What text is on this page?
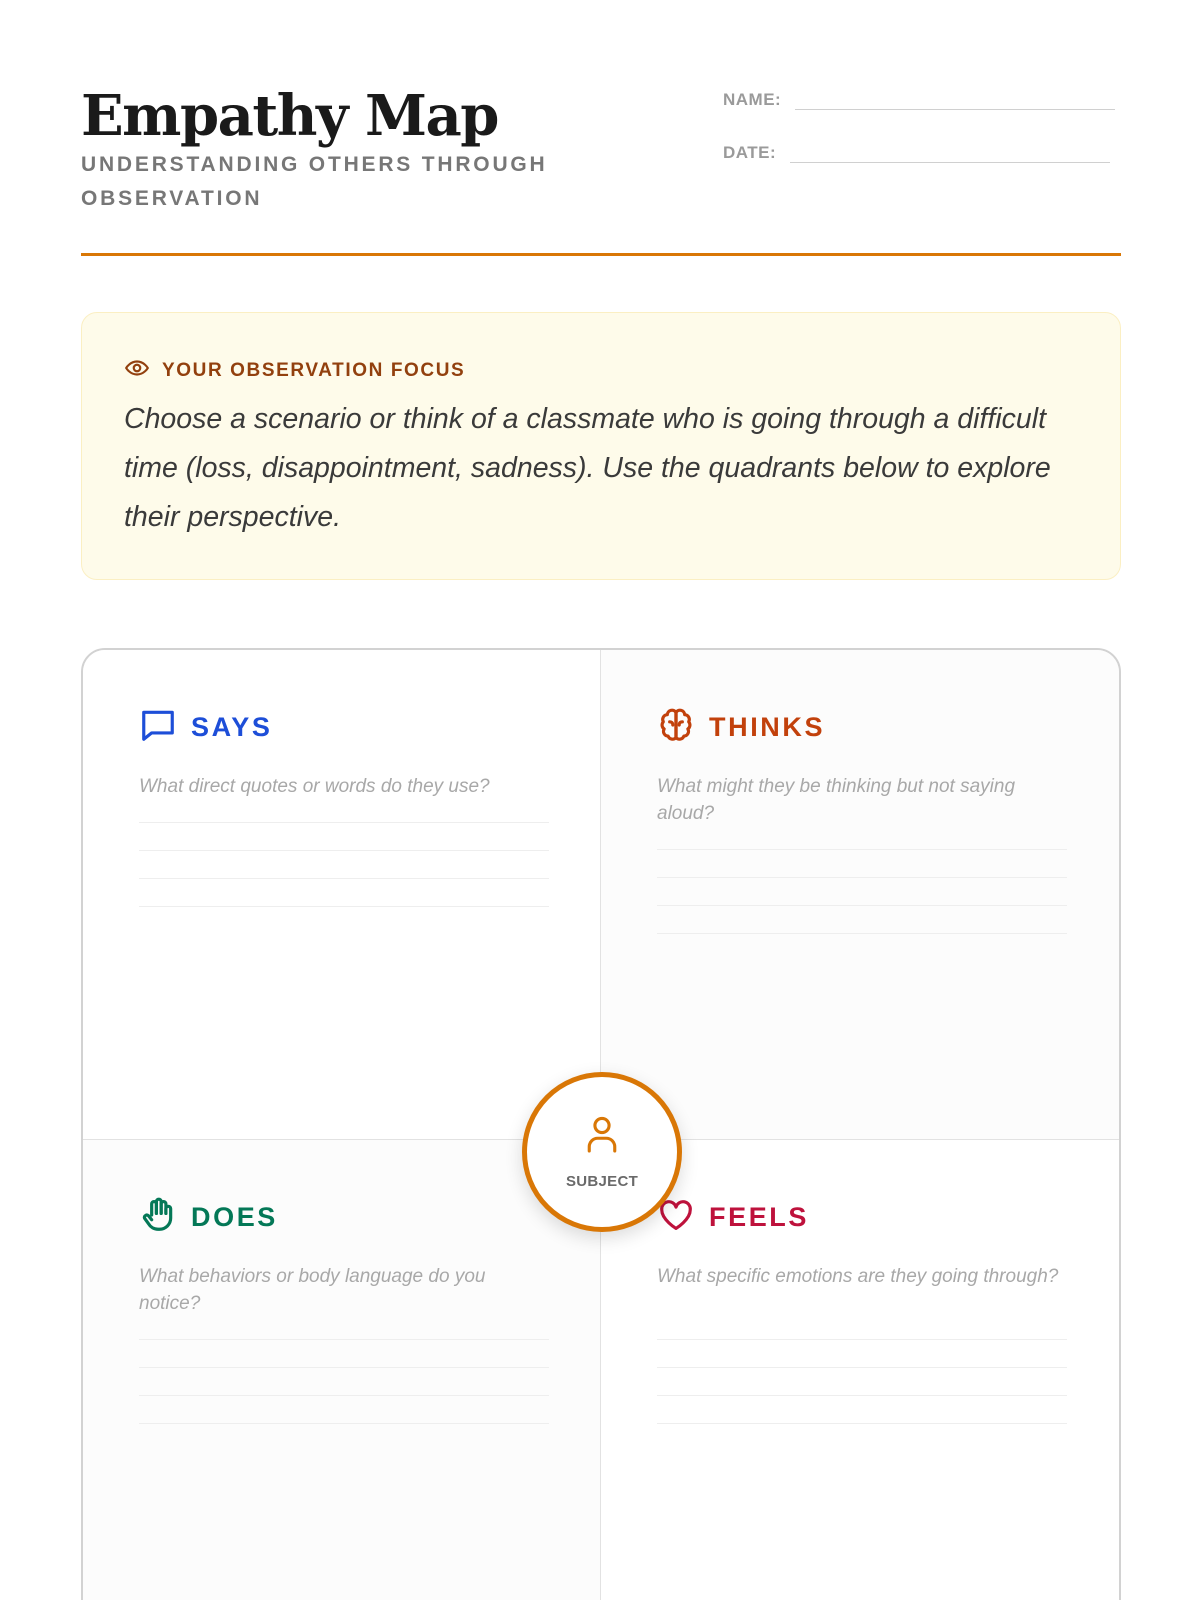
Empathy Map
UNDERSTANDING OTHERS THROUGH OBSERVATION
NAME:
DATE:
YOUR OBSERVATION FOCUS

Choose a scenario or think of a classmate who is going through a difficult time (loss, disappointment, sadness). Use the quadrants below to explore their perspective.

SAYS

What direct quotes or words do they use?

THINKS

What might they be thinking but not saying aloud?

DOES

What behaviors or body language do you notice?

FEELS

What specific emotions are they going through?

SUBJECT
